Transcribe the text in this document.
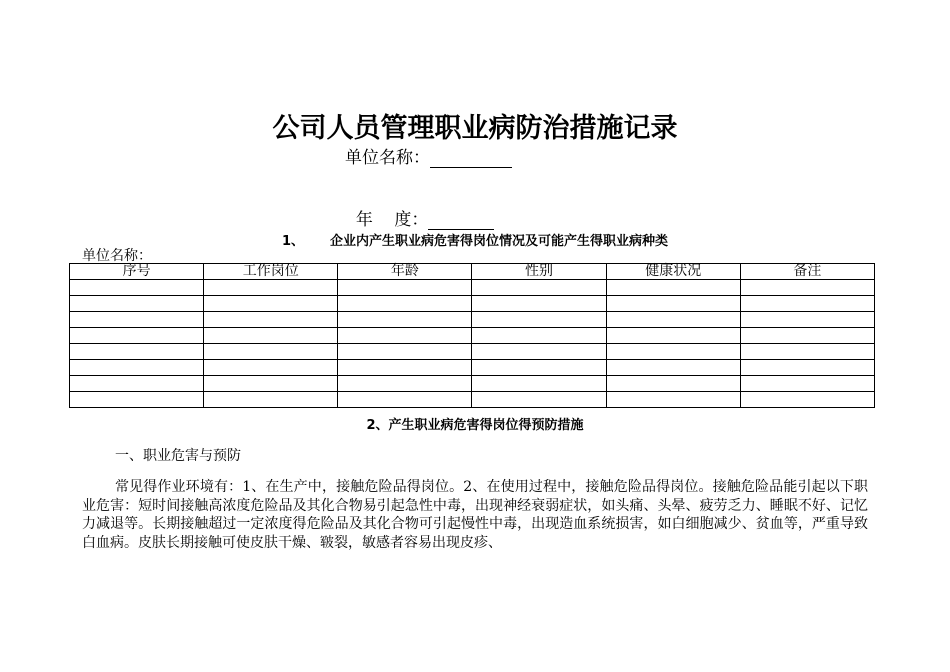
公司人员管理职业病防治措施记录
单位名称：

年    度：

1、 企业内产生职业病危害得岗位情况及可能产生得职业病种类
单位名称：
序号	工作岗位	年龄	性别	健康状况	备注

2、产生职业病危害得岗位得预防措施
一、职业危害与预防
常见得作业环境有：1、在生产中，接触危险品得岗位。2、在使用过程中，接触危险品得岗位。接触危险品能引起以下职业危害：短时间接触高浓度危险品及其化合物易引起急性中毒，出现神经衰弱症状，如头痛、头晕、疲劳乏力、睡眠不好、记忆力减退等。长期接触超过一定浓度得危险品及其化合物可引起慢性中毒，出现造血系统损害，如白细胞减少、贫血等，严重导致白血病。皮肤长期接触可使皮肤干燥、皲裂，敏感者容易出现皮疹、
